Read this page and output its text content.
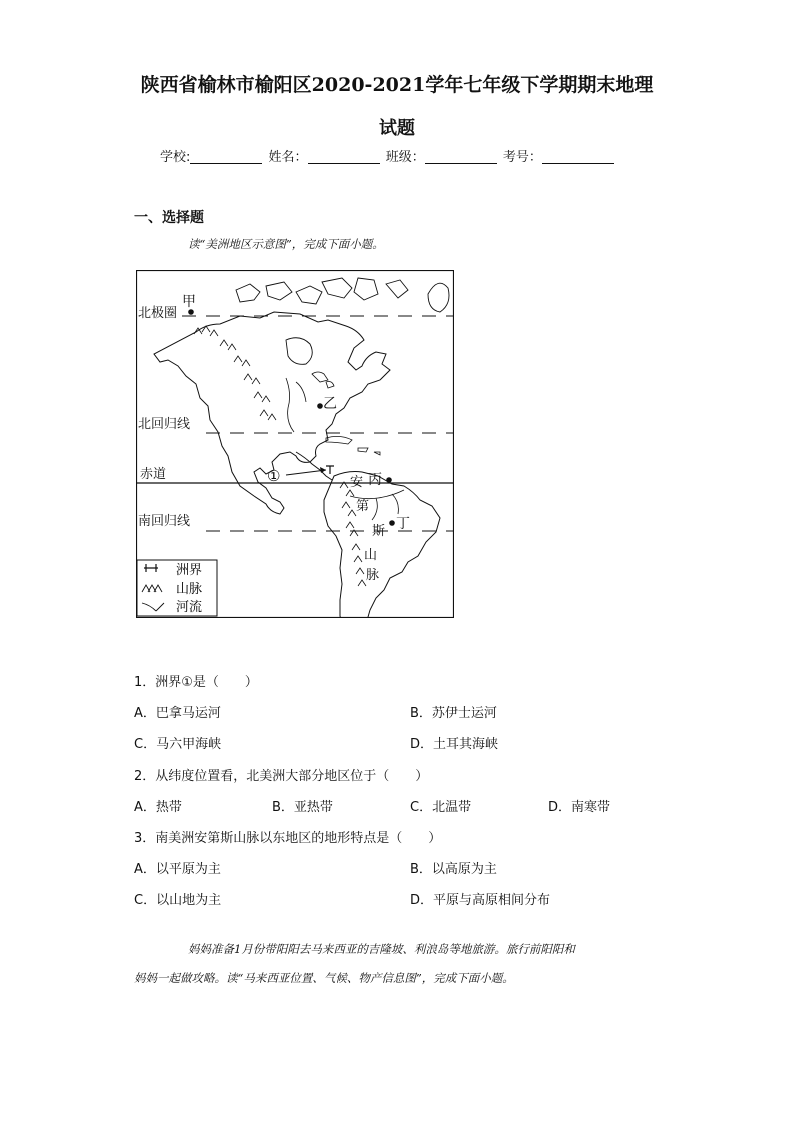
陕西省榆林市榆阳区2020-2021学年七年级下学期期末地理
试题
学校:	姓名：	班级：	考号：
一、选择题
读“美洲地区示意图”，完成下面小题。
北极圈
北回归线
赤道
南回归线
甲
乙
丙
丁
①	安
第
斯
山
脉
洲界
山脉
河流
1．洲界①是（　　）
A．巴拿马运河	B．苏伊士运河
C．马六甲海峡	D．土耳其海峡
2．从纬度位置看，北美洲大部分地区位于（　　）
A．热带	B．亚热带	C．北温带	D．南寒带
3．南美洲安第斯山脉以东地区的地形特点是（　　）
A．以平原为主	B．以高原为主
C．以山地为主	D．平原与高原相间分布
妈妈准备1月份带阳阳去马来西亚的吉隆坡、利浪岛等地旅游。旅行前阳阳和
妈妈一起做攻略。读“马来西亚位置、气候、物产信息图”，完成下面小题。
